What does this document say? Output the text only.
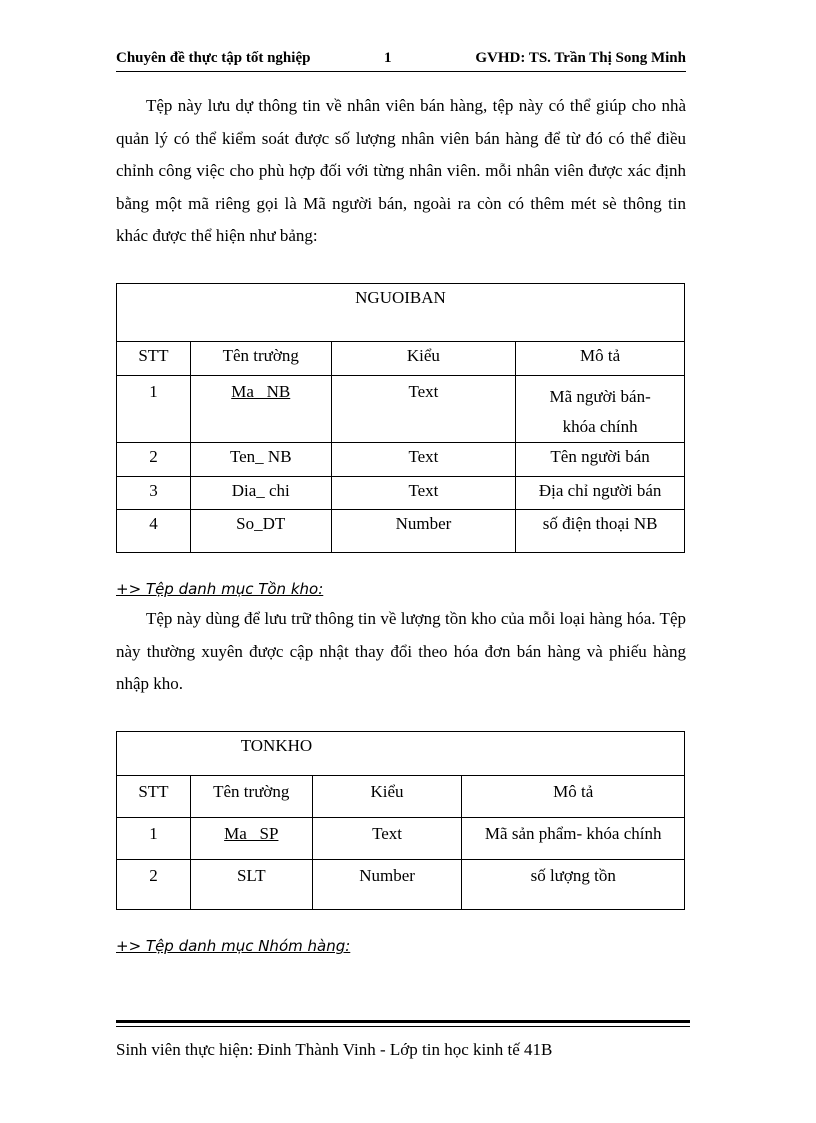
Chuyên đề thực tập tốt nghiệp	1	GVHD: TS. Trần Thị Song Minh

Tệp này lưu dự thông tin về nhân viên bán hàng, tệp này có thể giúp cho nhà quản lý có thể kiểm soát được số lượng nhân viên bán hàng để từ đó có thể điều chỉnh công việc cho phù hợp đối với từng nhân viên. mỗi nhân viên được xác định bằng một mã riêng gọi là Mã người bán, ngoài ra còn có thêm mét sè thông tin khác được thể hiện như bảng:

NGUOIBAN			
STT	Tên trường	Kiểu	Mô tả
1	Ma_ NB	Text	Mã người bán-khóa chính
2	Ten_ NB	Text	Tên người bán
3	Dia_ chi	Text	Địa chỉ người bán
4	So_DT	Number	số điện thoại NB
+> Tệp danh mục Tồn kho:

Tệp này dùng để lưu trữ thông tin về lượng tồn kho của mỗi loại hàng hóa. Tệp này thường xuyên được cập nhật thay đổi theo hóa đơn bán hàng và phiếu hàng nhập kho.

TONKHO			
STT	Tên trường	Kiểu	Mô tả
1	Ma_ SP	Text	Mã sản phẩm- khóa chính
2	SLT	Number	số lượng tồn
+> Tệp danh mục Nhóm hàng:
Sinh viên thực hiện: Đinh Thành Vinh - Lớp tin học kinh tế 41B
